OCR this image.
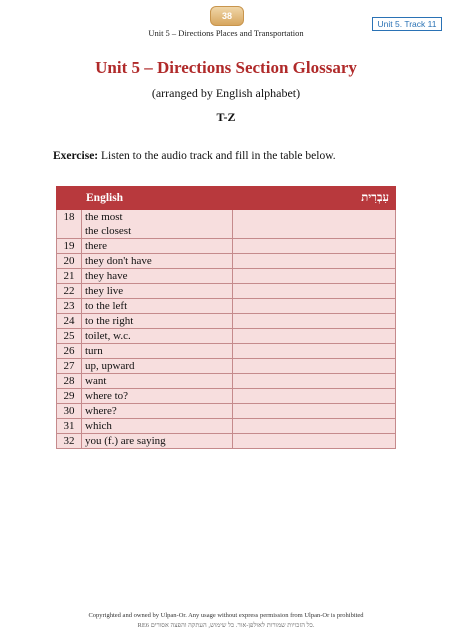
38
Unit 5 – Directions Places and Transportation
Unit 5. Track 11
Unit 5 – Directions Section Glossary
(arranged by English alphabet)
T-Z
Exercise: Listen to the audio track and fill in the table below.
	English	עִבְרִית
18	the most
the closest	
19	there	
20	they don't have	
21	they have	
22	they live	
23	to the left	
24	to the right	
25	toilet, w.c.	
26	turn	
27	up, upward	
28	want	
29	where to?	
30	where?	
31	which	
32	you (f.) are saying	
Copyrighted and owned by Ulpan-Or. Any usage without express permission from Ulpan-Or is prohibited
RE6 כל הזכויות שמורות לאולפן-אור. כל שימוש, העתקה והפצה אסורים.
